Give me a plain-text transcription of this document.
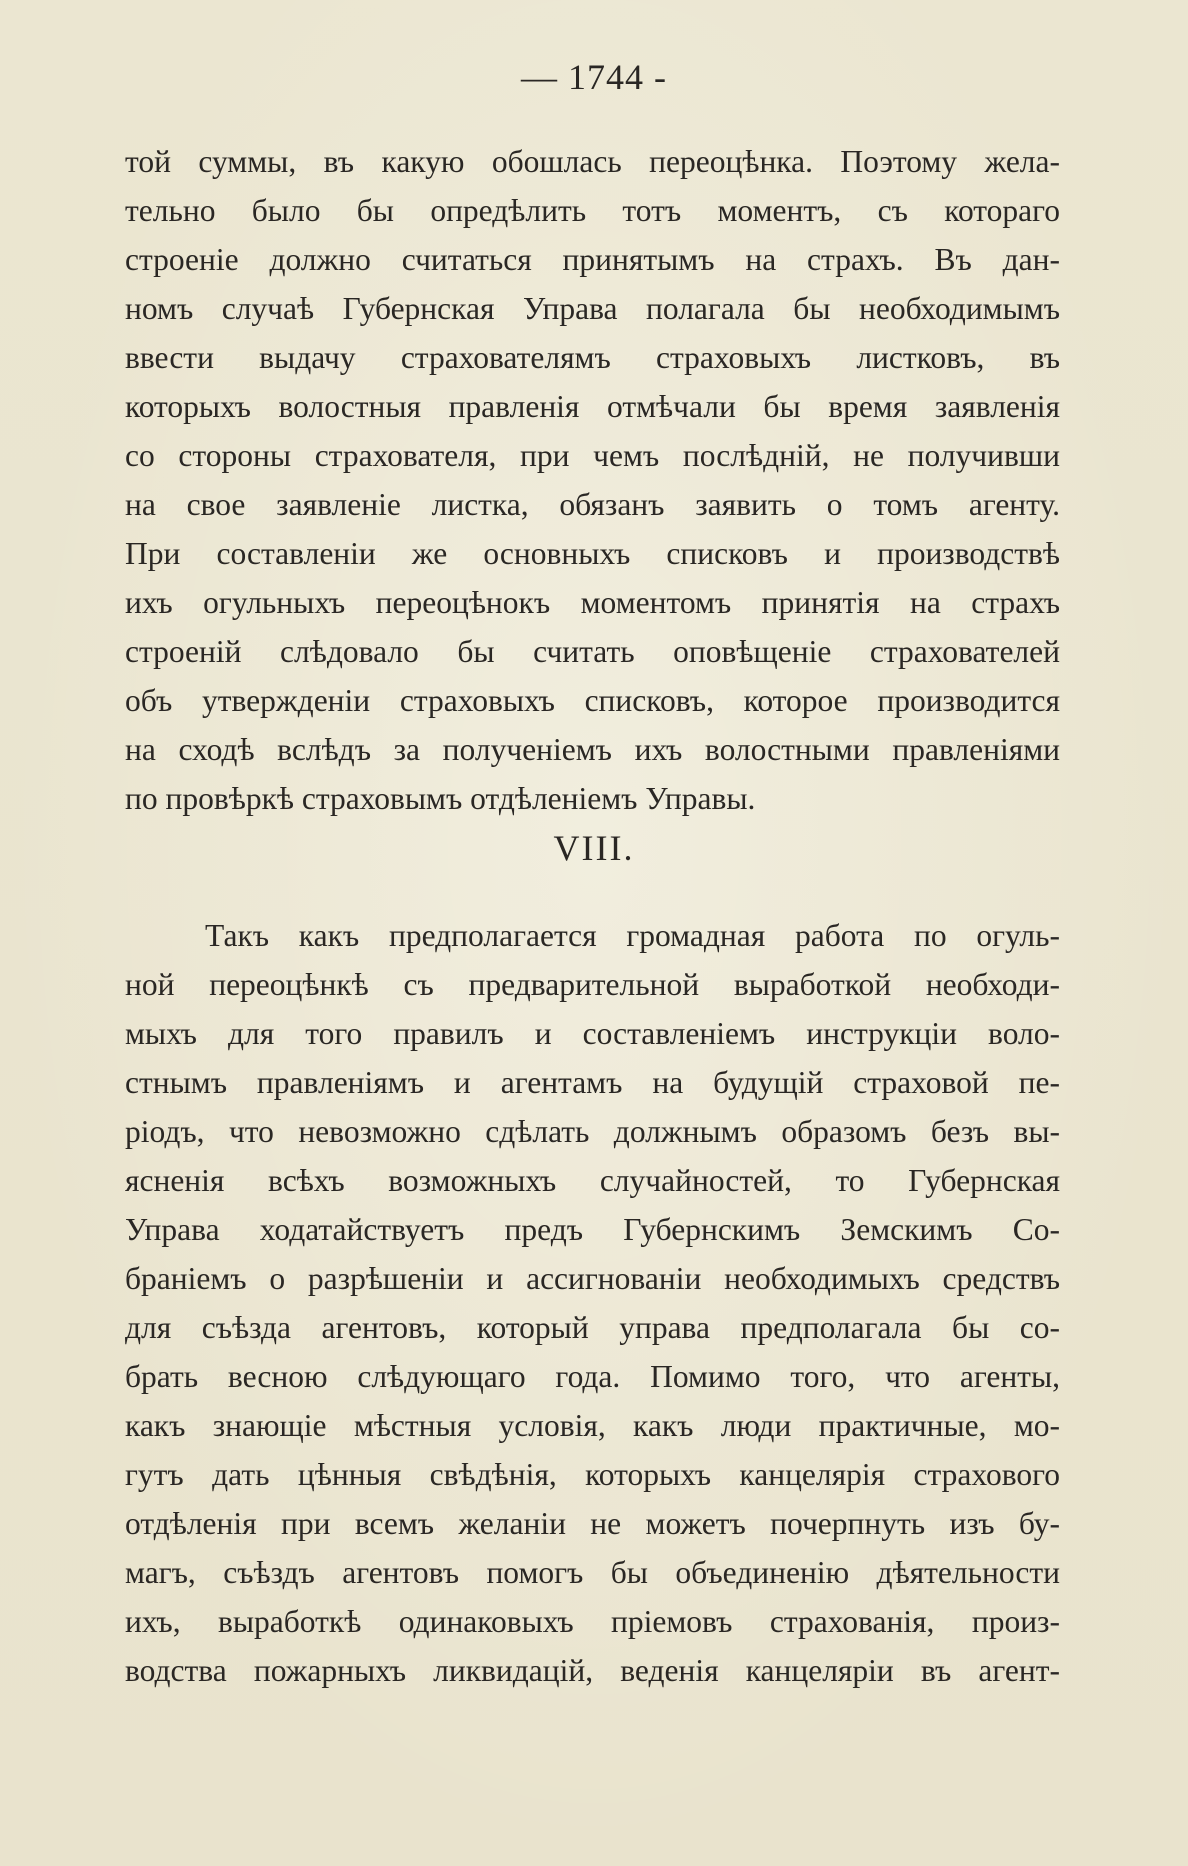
— 1744 -
той суммы, въ какую обошлась переоцѣнка. Поэтому жела-
тельно было бы опредѣлить тотъ моментъ, съ котораго
строеніе должно считаться принятымъ на страхъ. Въ дан-
номъ случаѣ Губернская Управа полагала бы необходимымъ
ввести выдачу страхователямъ страховыхъ листковъ, въ
которыхъ волостныя правленія отмѣчали бы время заявленія
со стороны страхователя, при чемъ послѣдній, не получивши
на свое заявленіе листка, обязанъ заявить о томъ агенту.
При составленіи же основныхъ списковъ и производствѣ
ихъ огульныхъ переоцѣнокъ моментомъ принятія на страхъ
строеній слѣдовало бы считать оповѣщеніе страхователей
объ утвержденіи страховыхъ списковъ, которое производится
на сходѣ вслѣдъ за полученіемъ ихъ волостными правленіями
по провѣркѣ страховымъ отдѣленіемъ Управы.
VIII.
Такъ какъ предполагается громадная работа по огуль-
ной переоцѣнкѣ съ предварительной выработкой необходи-
мыхъ для того правилъ и составленіемъ инструкціи воло-
стнымъ правленіямъ и агентамъ на будущій страховой пе-
ріодъ, что невозможно сдѣлать должнымъ образомъ безъ вы-
ясненія всѣхъ возможныхъ случайностей, то Губернская
Управа ходатайствуетъ предъ Губернскимъ Земскимъ Со-
браніемъ о разрѣшеніи и ассигнованіи необходимыхъ средствъ
для съѣзда агентовъ, который управа предполагала бы со-
брать весною слѣдующаго года. Помимо того, что агенты,
какъ знающіе мѣстныя условія, какъ люди практичные, мо-
гутъ дать цѣнныя свѣдѣнія, которыхъ канцелярія страхового
отдѣленія при всемъ желаніи не можетъ почерпнуть изъ бу-
магъ, съѣздъ агентовъ помогъ бы объединенію дѣятельности
ихъ, выработкѣ одинаковыхъ пріемовъ страхованія, произ-
водства пожарныхъ ликвидацій, веденія канцеляріи въ агент-
